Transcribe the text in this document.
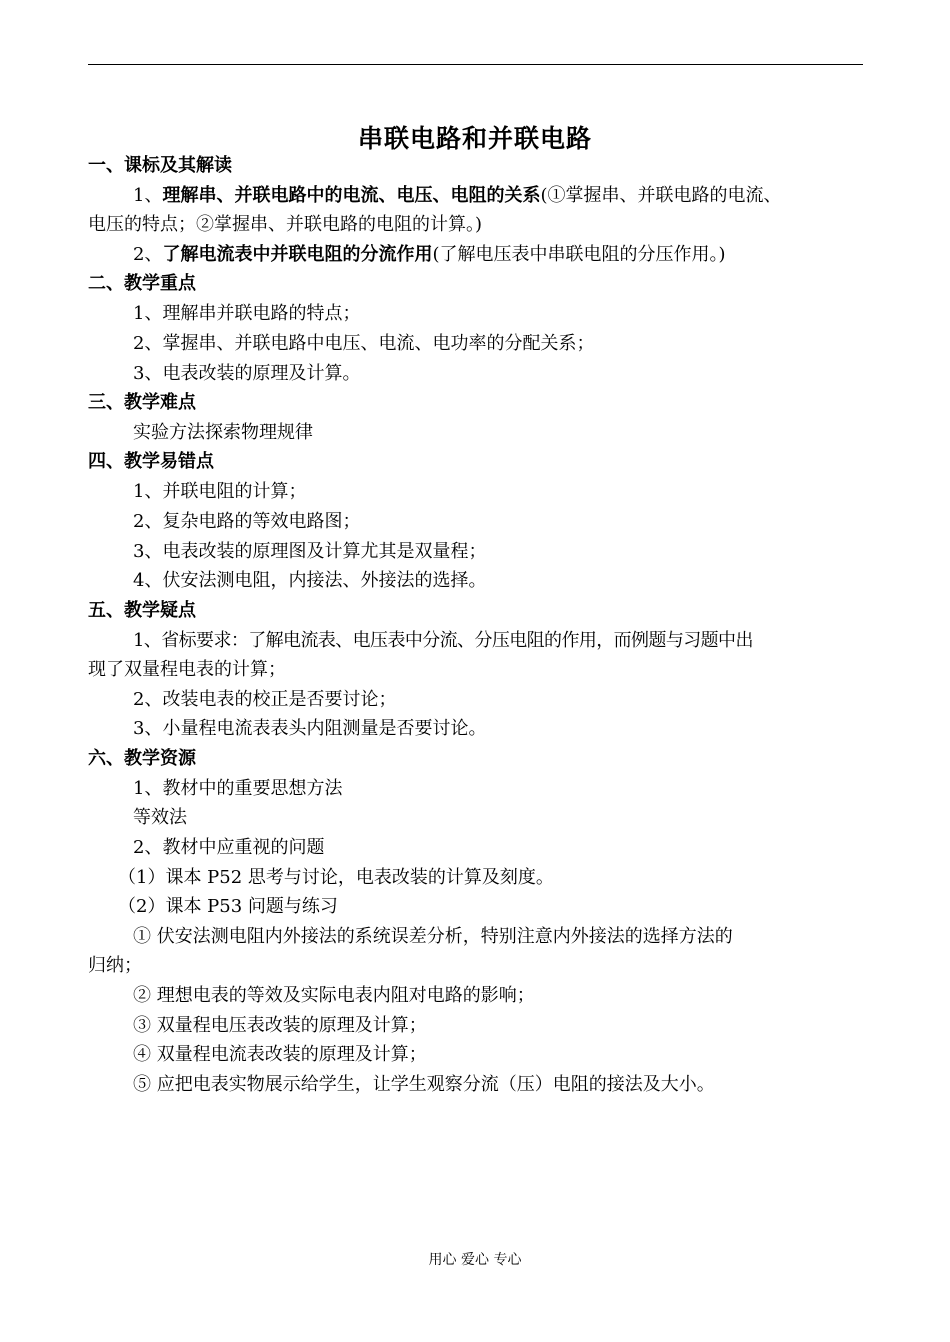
串联电路和并联电路
一、课标及其解读
1、理解串、并联电路中的电流、电压、电阻的关系(①掌握串、并联电路的电流、
电压的特点；②掌握串、并联电路的电阻的计算。)
2、了解电流表中并联电阻的分流作用(了解电压表中串联电阻的分压作用。)
二、教学重点
1、理解串并联电路的特点；
2、掌握串、并联电路中电压、电流、电功率的分配关系；
3、电表改装的原理及计算。
三、教学难点
实验方法探索物理规律
四、教学易错点
1、并联电阻的计算；
2、复杂电路的等效电路图；
3、电表改装的原理图及计算尤其是双量程；
4、伏安法测电阻，内接法、外接法的选择。
五、教学疑点
1、省标要求：了解电流表、电压表中分流、分压电阻的作用，而例题与习题中出
现了双量程电表的计算；
2、改装电表的校正是否要讨论；
3、小量程电流表表头内阻测量是否要讨论。
六、教学资源
1、教材中的重要思想方法
等效法
2、教材中应重视的问题
（1）课本 P52 思考与讨论，电表改装的计算及刻度。
（2）课本 P53 问题与练习
① 伏安法测电阻内外接法的系统误差分析，特别注意内外接法的选择方法的
归纳；
② 理想电表的等效及实际电表内阻对电路的影响；
③ 双量程电压表改装的原理及计算；
④ 双量程电流表改装的原理及计算；
⑤ 应把电表实物展示给学生，让学生观察分流（压）电阻的接法及大小。
用心 爱心 专心
